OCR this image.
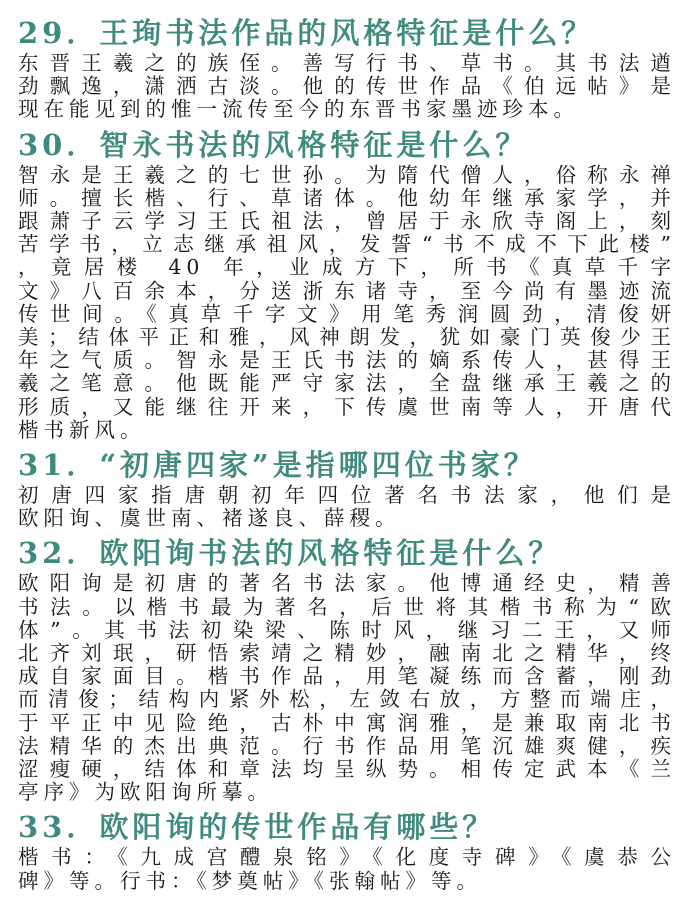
29．王珣书法作品的风格特征是什么？
东晋王羲之的族侄。善写行书、草书。其书法遒
劲飘逸，潇洒古淡。他的传世作品《伯远帖》是
现在能见到的惟一流传至今的东晋书家墨迹珍本。
30．智永书法的风格特征是什么？
智永是王羲之的七世孙。为隋代僧人，俗称永禅
师。擅长楷、行、草诸体。他幼年继承家学，并
跟萧子云学习王氏祖法，曾居于永欣寺阁上，刻
苦学书，立志继承祖风，发誓“书不成不下此楼”
，竟居楼 40 年，业成方下，所书《真草千字
文》八百余本，分送浙东诸寺，至今尚有墨迹流
传世间。《真草千字文》用笔秀润圆劲，清俊妍
美；结体平正和雅，风神朗发，犹如豪门英俊少王
年之气质。智永是王氏书法的嫡系传人，甚得王
羲之笔意。他既能严守家法，全盘继承王羲之的
形质，又能继往开来，下传虞世南等人，开唐代
楷书新风。
31．“初唐四家”是指哪四位书家？
初唐四家指唐朝初年四位著名书法家，他们是
欧阳询、虞世南、褚遂良、薛稷。
32．欧阳询书法的风格特征是什么？
欧阳询是初唐的著名书法家。他博通经史，精善
书法。以楷书最为著名，后世将其楷书称为“欧
体”。其书法初染梁、陈时风，继习二王，又师
北齐刘珉，研悟索靖之精妙，融南北之精华，终
成自家面目。楷书作品，用笔凝练而含蓄，刚劲
而清俊；结构内紧外松，左敛右放，方整而端庄，
于平正中见险绝，古朴中寓润雅，是兼取南北书
法精华的杰出典范。行书作品用笔沉雄爽健，疾
涩瘦硬，结体和章法均呈纵势。相传定武本《兰
亭序》为欧阳询所摹。
33．欧阳询的传世作品有哪些？
楷书：《九成宫醴泉铭》《化度寺碑》《虞恭公
碑》等。行书：《梦奠帖》《张翰帖》等。
